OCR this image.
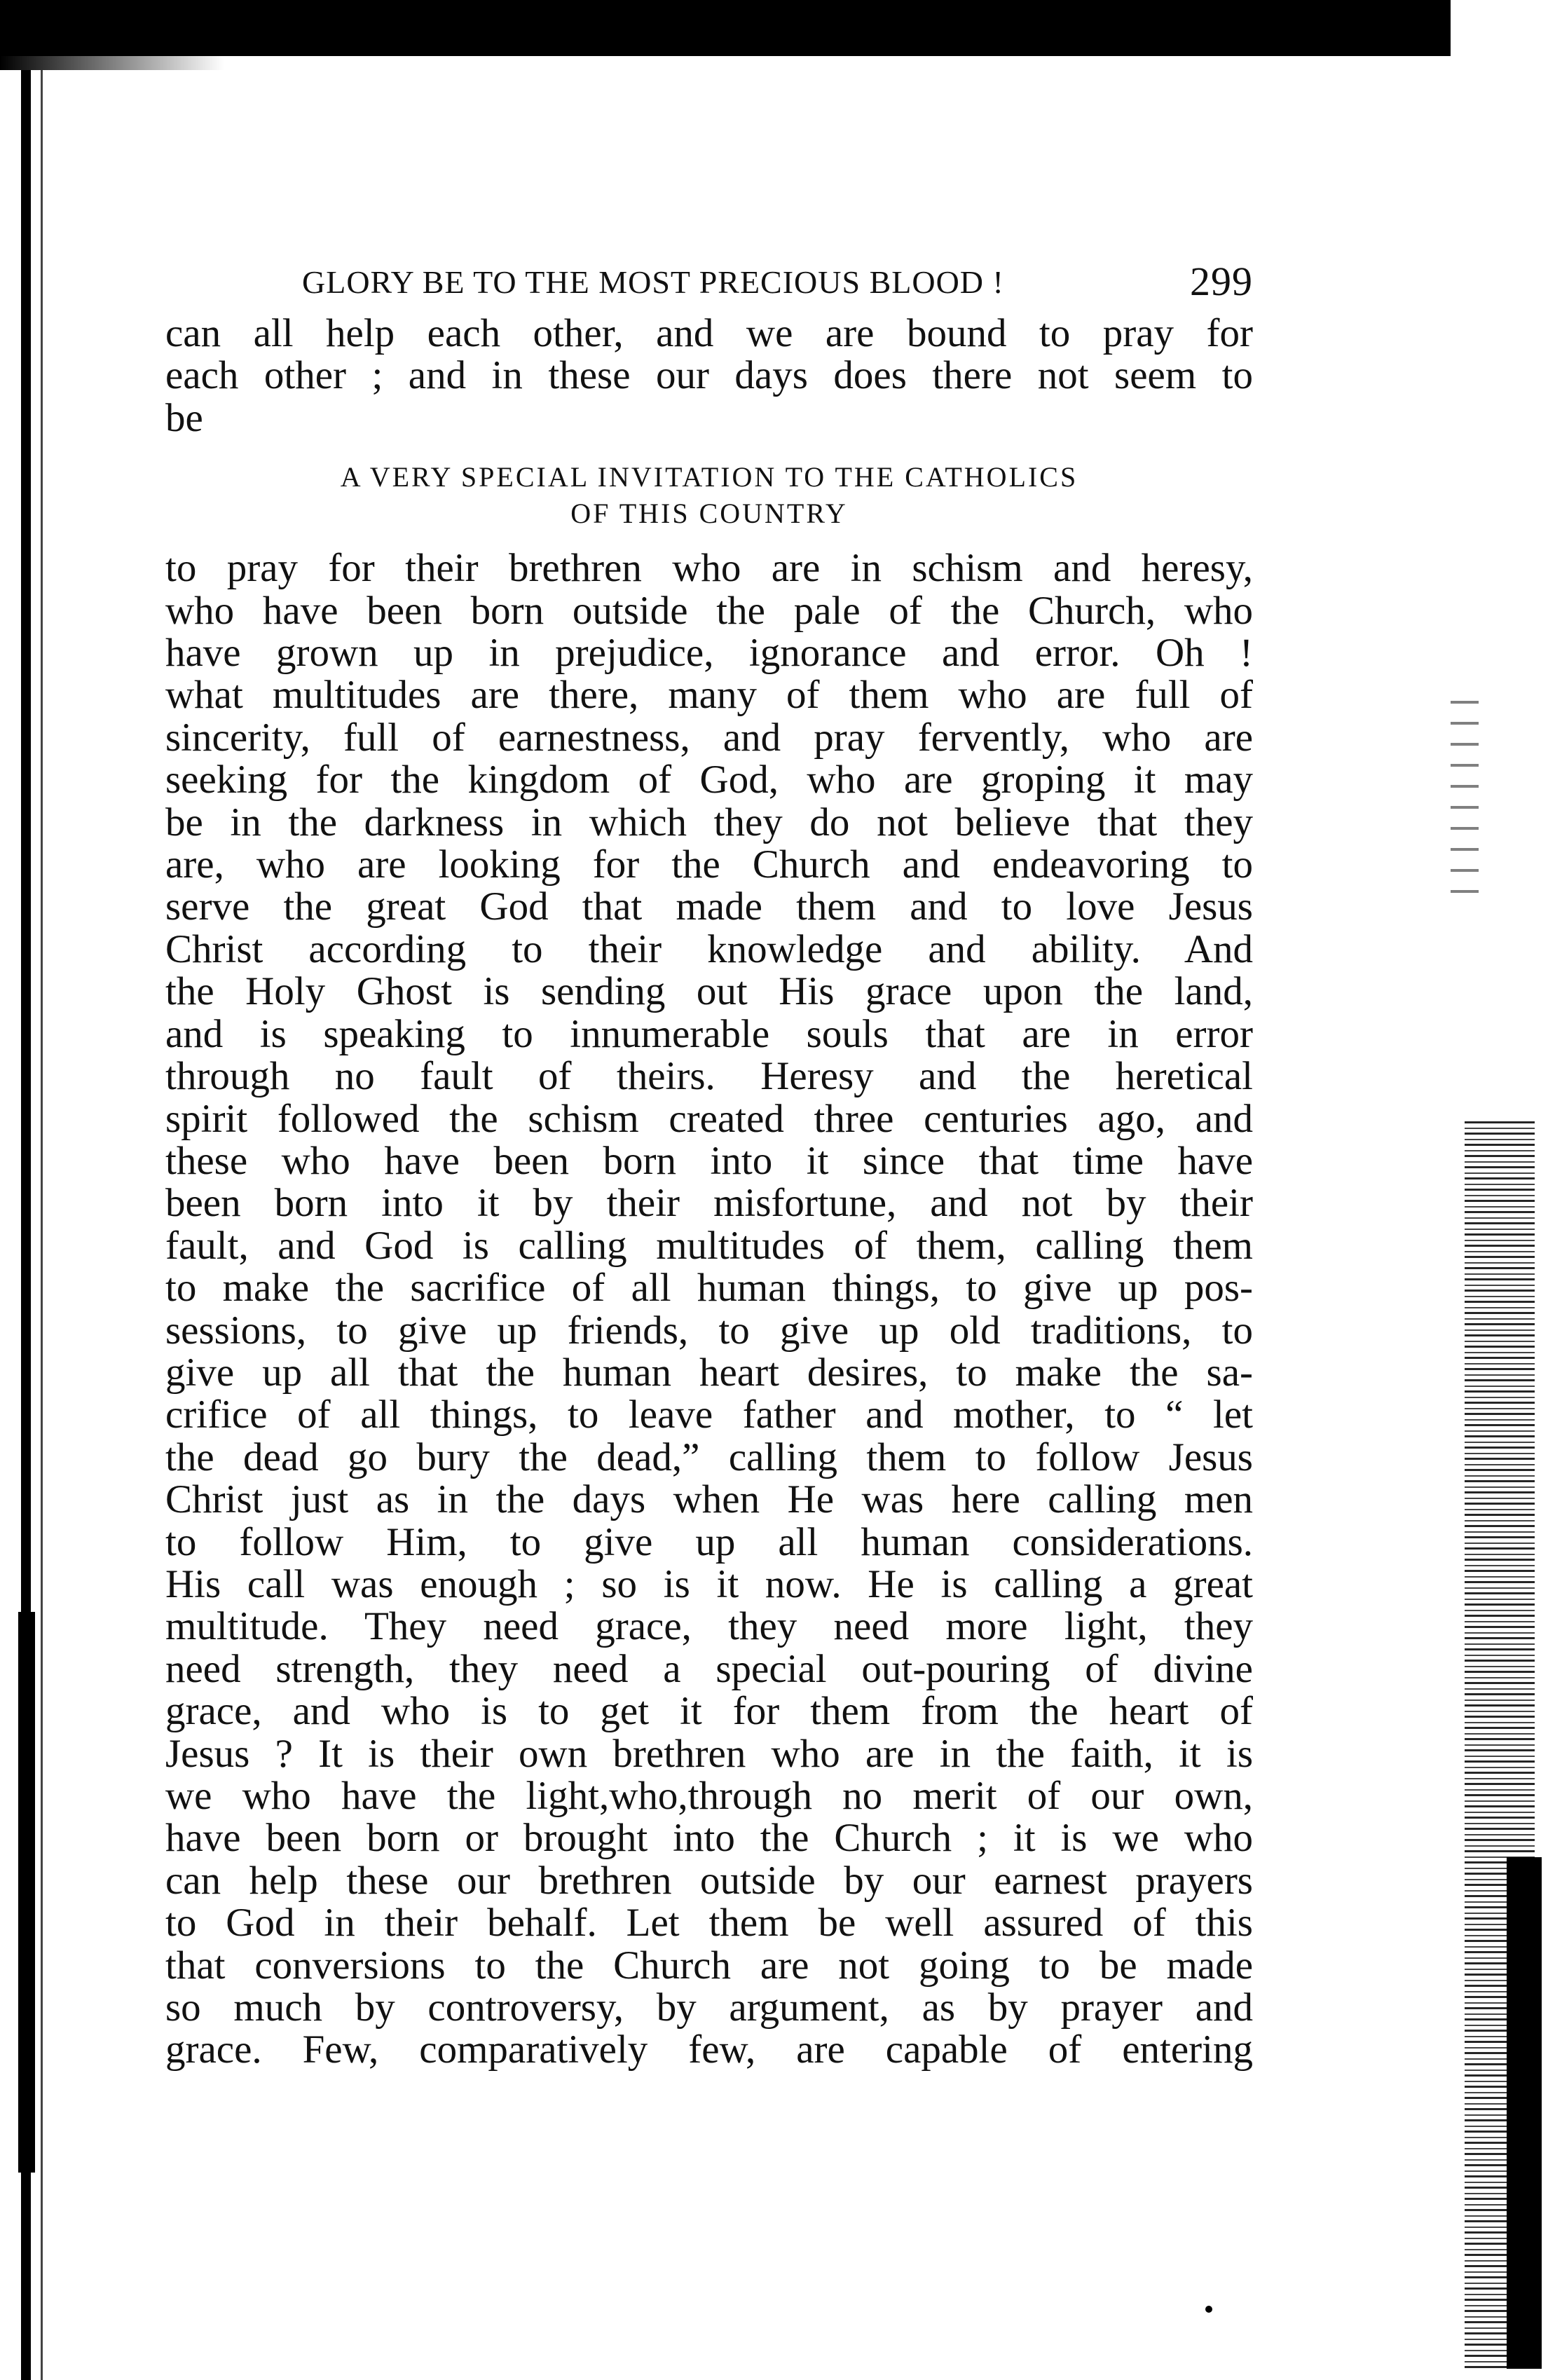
GLORY BE TO THE MOST PRECIOUS BLOOD !	299
can all help each other, and we are bound to pray for
each other ; and in these our days does there not seem to
be
A VERY SPECIAL INVITATION TO THE CATHOLICS
OF THIS COUNTRY
to pray for their brethren who are in schism and heresy,
who have been born outside the pale of the Church, who
have grown up in prejudice, ignorance and error. Oh !
what multitudes are there, many of them who are full of
sincerity, full of earnestness, and pray fervently, who are
seeking for the kingdom of God, who are groping it may
be in the darkness in which they do not believe that they
are, who are looking for the Church and endeavoring to
serve the great God that made them and to love Jesus
Christ according to their knowledge and ability. And
the Holy Ghost is sending out His grace upon the land,
and is speaking to innumerable souls that are in error
through no fault of theirs. Heresy and the heretical
spirit followed the schism created three centuries ago, and
these who have been born into it since that time have
been born into it by their misfortune, and not by their
fault, and God is calling multitudes of them, calling them
to make the sacrifice of all human things, to give up pos-
sessions, to give up friends, to give up old traditions, to
give up all that the human heart desires, to make the sa-
crifice of all things, to leave father and mother, to “ let
the dead go bury the dead,” calling them to follow Jesus
Christ just as in the days when He was here calling men
to follow Him, to give up all human considerations.
His call was enough ; so is it now. He is calling a great
multitude. They need grace, they need more light, they
need strength, they need a special out-pouring of divine
grace, and who is to get it for them from the heart of
Jesus ? It is their own brethren who are in the faith, it is
we who have the light,who,through no merit of our own,
have been born or brought into the Church ; it is we who
can help these our brethren outside by our earnest prayers
to God in their behalf. Let them be well assured of this
that conversions to the Church are not going to be made
so much by controversy, by argument, as by prayer and
grace. Few, comparatively few, are capable of entering
